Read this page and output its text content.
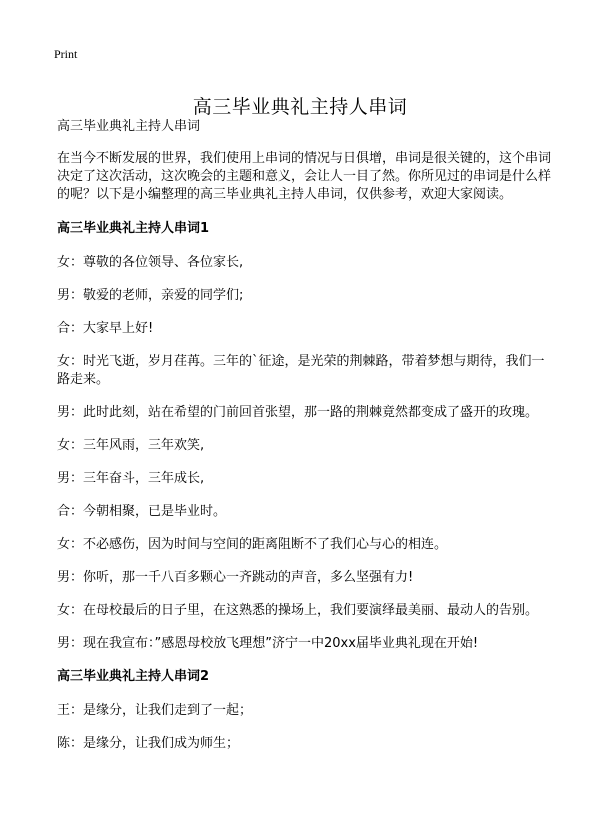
Print
高三毕业典礼主持人串词

高三毕业典礼主持人串词

在当今不断发展的世界，我们使用上串词的情况与日俱增，串词是很关键的，这个串词决定了这次活动，这次晚会的主题和意义，会让人一目了然。你所见过的串词是什么样的呢？以下是小编整理的高三毕业典礼主持人串词，仅供参考，欢迎大家阅读。

高三毕业典礼主持人串词1

女：尊敬的各位领导、各位家长,

男：敬爱的老师，亲爱的同学们;

合：大家早上好!

女：时光飞逝，岁月荏苒。三年的`征途，是光荣的荆棘路，带着梦想与期待，我们一路走来。

男：此时此刻，站在希望的门前回首张望，那一路的荆棘竟然都变成了盛开的玫瑰。

女：三年风雨，三年欢笑,

男：三年奋斗，三年成长,

合：今朝相聚，已是毕业时。

女：不必感伤，因为时间与空间的距离阻断不了我们心与心的相连。

男：你听，那一千八百多颗心一齐跳动的声音，多么坚强有力!

女：在母校最后的日子里，在这熟悉的操场上，我们要演绎最美丽、最动人的告别。

男：现在我宣布：”感恩母校放飞理想”济宁一中20xx届毕业典礼现在开始!

高三毕业典礼主持人串词2

王：是缘分，让我们走到了一起；

陈：是缘分，让我们成为师生；
